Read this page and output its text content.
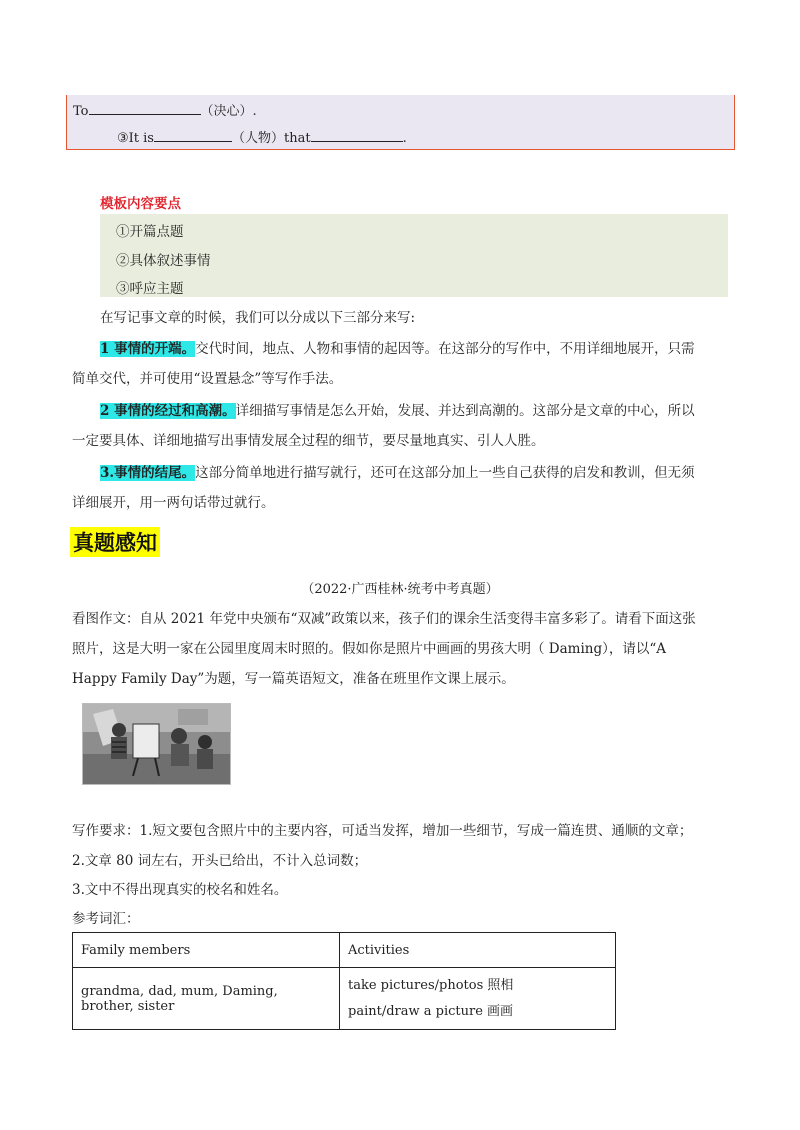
To	（决心）.
③It is	（人物）that	.
模板内容要点
①开篇点题
②具体叙述事情
③呼应主题
在写记事文章的时候，我们可以分成以下三部分来写:
1 事情的开端。交代时间，地点、人物和事情的起因等。在这部分的写作中，不用详细地展开，只需
简单交代，并可使用“设置悬念”等写作手法。
2 事情的经过和高潮。详细描写事情是怎么开始，发展、并达到高潮的。这部分是文章的中心，所以
一定要具体、详细地描写出事情发展全过程的细节，要尽量地真实、引人人胜。
3.事情的结尾。这部分简单地进行描写就行，还可在这部分加上一些自己获得的启发和教训，但无须
详细展开，用一两句话带过就行。
真题感知
（2022·广西桂林·统考中考真题）
看图作文：自从 2021 年党中央颁布“双减”政策以来，孩子们的课余生活变得丰富多彩了。请看下面这张
照片，这是大明一家在公园里度周末时照的。假如你是照片中画画的男孩大明（ Daming），请以“A
Happy Family Day”为题，写一篇英语短文，准备在班里作文课上展示。
写作要求：1.短文要包含照片中的主要内容，可适当发挥，增加一些细节，写成一篇连贯、通顺的文章；
2.文章 80 词左右，开头已给出，不计入总词数；
3.文中不得出现真实的校名和姓名。
参考词汇：
Family members	Activities
grandma, dad, mum, Daming, brother, sister	take pictures/photos 照相
paint/draw a picture 画画
